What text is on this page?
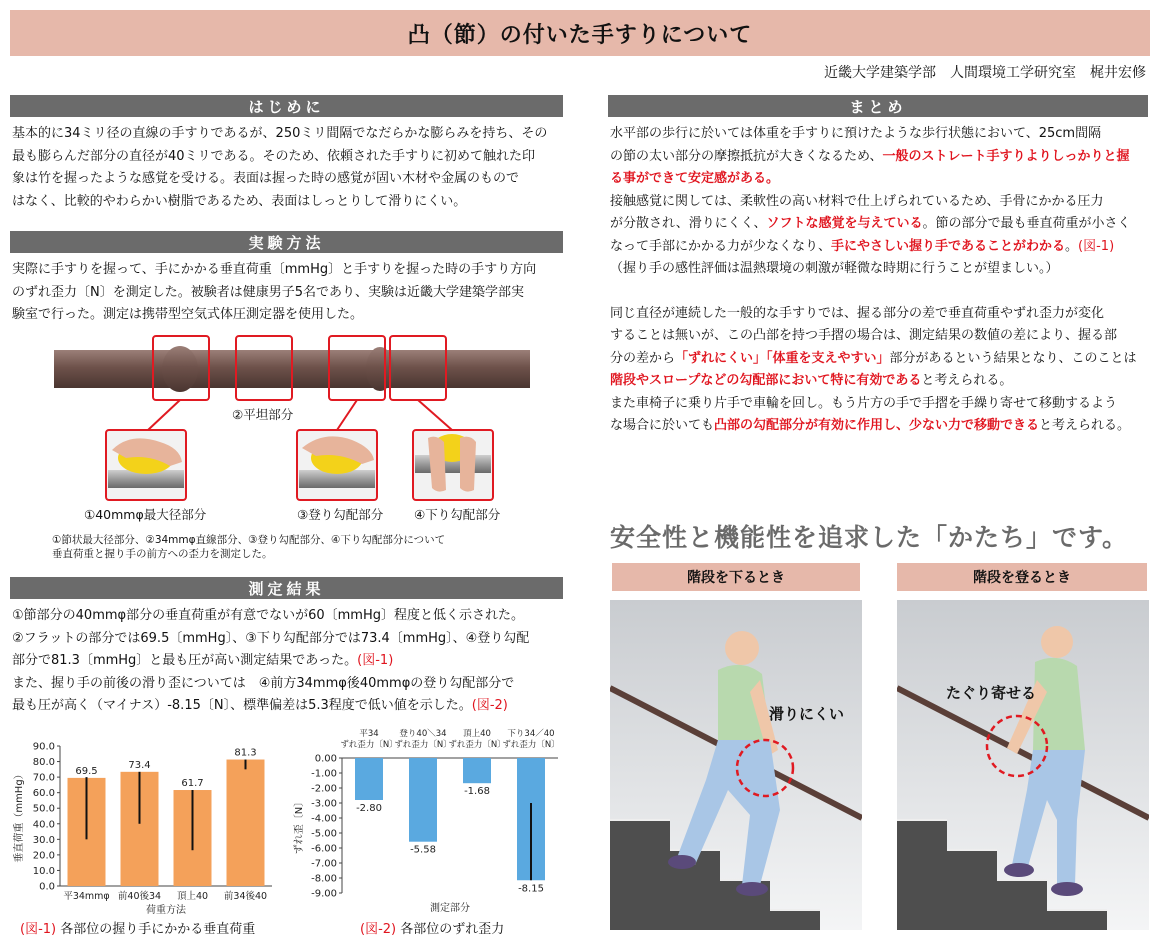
凸（節）の付いた手すりについて
近畿大学建築学部　人間環境工学研究室　梶井宏修
はじめに

基本的に34ミリ径の直線の手すりであるが、250ミリ間隔でなだらかな膨らみを持ち、その

最も膨らんだ部分の直径が40ミリである。そのため、依頼された手すりに初めて触れた印

象は竹を握ったような感覚を受ける。表面は握った時の感覚が固い木材や金属のもので

はなく、比較的やわらかい樹脂であるため、表面はしっとりして滑りにくい。

実験方法

実際に手すりを握って、手にかかる垂直荷重〔mmHg〕と手すりを握った時の手すり方向

のずれ歪力〔N〕を測定した。被験者は健康男子5名であり、実験は近畿大学建築学部実

験室で行った。測定は携帯型空気式体圧測定器を使用した。

②平坦部分
①40mmφ最大径部分	③登り勾配部分 ④下り勾配部分
①節状最大径部分、②34mmφ直線部分、③登り勾配部分、④下り勾配部分について
垂直荷重と握り手の前方への歪力を測定した。
測定結果

①節部分の40mmφ部分の垂直荷重が有意でないが60〔mmHg〕程度と低く示された。

②フラットの部分では69.5〔mmHg〕、③下り勾配部分では73.4〔mmHg〕、④登り勾配

部分で81.3〔mmHg〕と最も圧が高い測定結果であった。(図-1)

また、握り手の前後の滑り歪については　④前方34mmφ後40mmφの登り勾配部分で

最も圧が高く（マイナス）-8.15〔N〕、標準偏差は5.3程度で低い値を示した。(図-2)

0.0
10.0
20.0
30.0
40.0
50.0
60.0
70.0
80.0
90.0
69.5
平34mmφ
73.4
前40後34
61.7
頂上40
81.3
前34後40
荷重方法
垂直荷重（mmHg）
(図-1) 各部位の握り手にかかる垂直荷重
0.00
-1.00
-2.00
-3.00
-4.00
-5.00
-6.00
-7.00
-8.00
-9.00
-2.80
平34
ずれ歪力〔N〕
-5.58
登り40＼34
ずれ歪力〔N〕
-1.68
頂上40
ずれ歪力〔N〕
-8.15
下り34／40
ずれ歪力〔N〕
測定部分
ずれ歪〔N〕
(図-2) 各部位のずれ歪力
まとめ

水平部の歩行に於いては体重を手すりに預けたような歩行状態において、25cm間隔

の節の太い部分の摩擦抵抗が大きくなるため、一般のストレート手すりよりしっかりと握

る事ができて安定感がある。

接触感覚に関しては、柔軟性の高い材料で仕上げられているため、手骨にかかる圧力

が分散され、滑りにくく、ソフトな感覚を与えている。節の部分で最も垂直荷重が小さく

なって手部にかかる力が少なくなり、手にやさしい握り手であることがわかる。(図-1)

（握り手の感性評価は温熱環境の刺激が軽微な時期に行うことが望ましい。）

同じ直径が連続した一般的な手すりでは、握る部分の差で垂直荷重やずれ歪力が変化

することは無いが、この凸部を持つ手摺の場合は、測定結果の数値の差により、握る部

分の差から「ずれにくい」「体重を支えやすい」部分があるという結果となり、このことは

階段やスロープなどの勾配部において特に有効であると考えられる。

また車椅子に乗り片手で車輪を回し。もう片方の手で手摺を手繰り寄せて移動するよう

な場合に於いても凸部の勾配部分が有効に作用し、少ない力で移動できると考えられる。

安全性と機能性を追求した「かたち」です。
階段を下るとき	階段を登るとき
滑りにくい
たぐり寄せる
